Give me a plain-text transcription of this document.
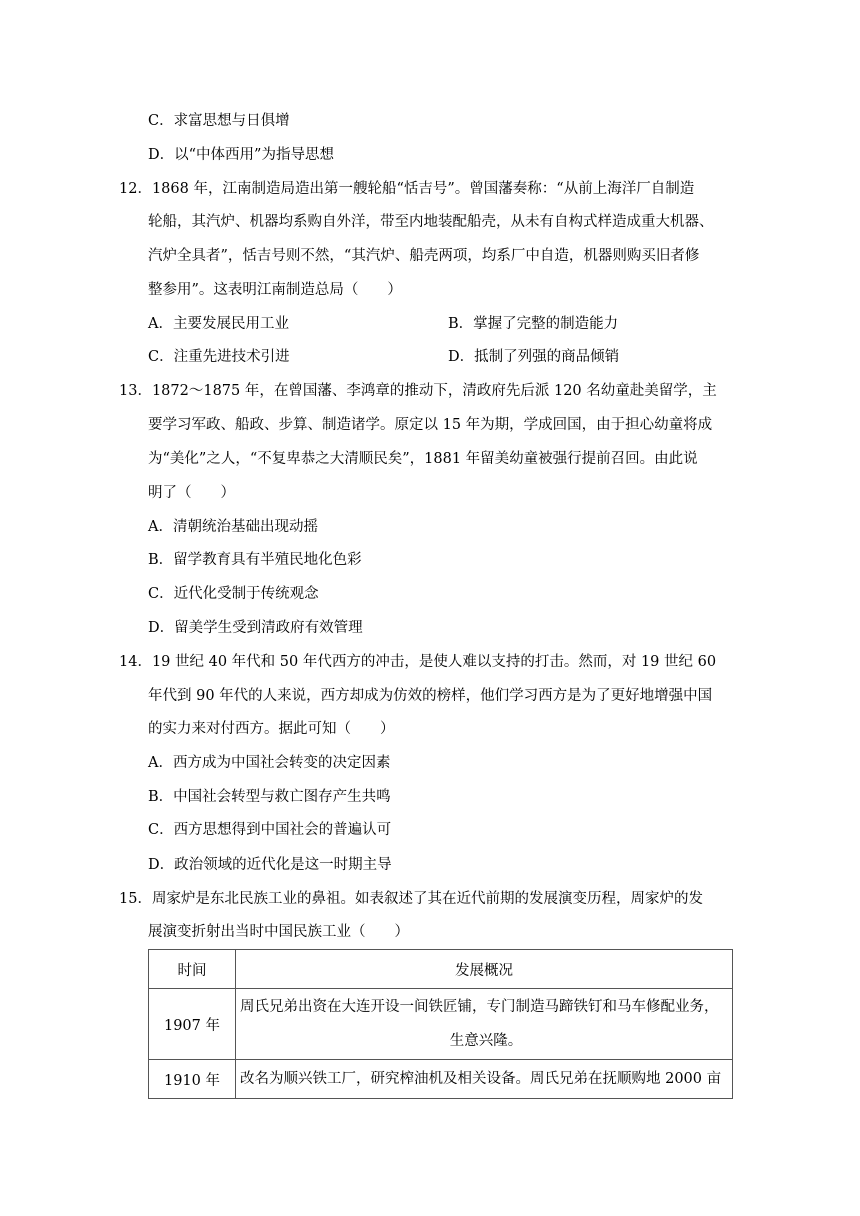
C．求富思想与日俱增
D．以“中体西用”为指导思想
12．1868 年，江南制造局造出第一艘轮船“恬吉号”。曾国藩奏称：“从前上海洋厂自制造
轮船，其汽炉、机器均系购自外洋，带至内地装配船壳，从未有自构式样造成重大机器、
汽炉全具者”，恬吉号则不然，“其汽炉、船壳两项，均系厂中自造，机器则购买旧者修
整参用”。这表明江南制造总局（　　）
A．主要发展民用工业	B．掌握了完整的制造能力
C．注重先进技术引进	D．抵制了列强的商品倾销
13．1872～1875 年，在曾国藩、李鸿章的推动下，清政府先后派 120 名幼童赴美留学，主
要学习军政、船政、步算、制造诸学。原定以 15 年为期，学成回国，由于担心幼童将成
为“美化”之人，“不复卑恭之大清顺民矣”，1881 年留美幼童被强行提前召回。由此说
明了（　　）
A．清朝统治基础出现动摇
B．留学教育具有半殖民地化色彩
C．近代化受制于传统观念
D．留美学生受到清政府有效管理
14．19 世纪 40 年代和 50 年代西方的冲击，是使人难以支持的打击。然而，对 19 世纪 60
年代到 90 年代的人来说，西方却成为仿效的榜样，他们学习西方是为了更好地增强中国
的实力来对付西方。据此可知（　　）
A．西方成为中国社会转变的决定因素
B．中国社会转型与救亡图存产生共鸣
C．西方思想得到中国社会的普遍认可
D．政治领域的近代化是这一时期主导
15．周家炉是东北民族工业的鼻祖。如表叙述了其在近代前期的发展演变历程，周家炉的发
展演变折射出当时中国民族工业（　　）
时间	发展概况
1907 年	周氏兄弟出资在大连开设一间铁匠铺，专门制造马蹄铁钉和马车修配业务，
生意兴隆。

1910 年	改名为顺兴铁工厂，研究榨油机及相关设备。周氏兄弟在抚顺购地 2000 亩
